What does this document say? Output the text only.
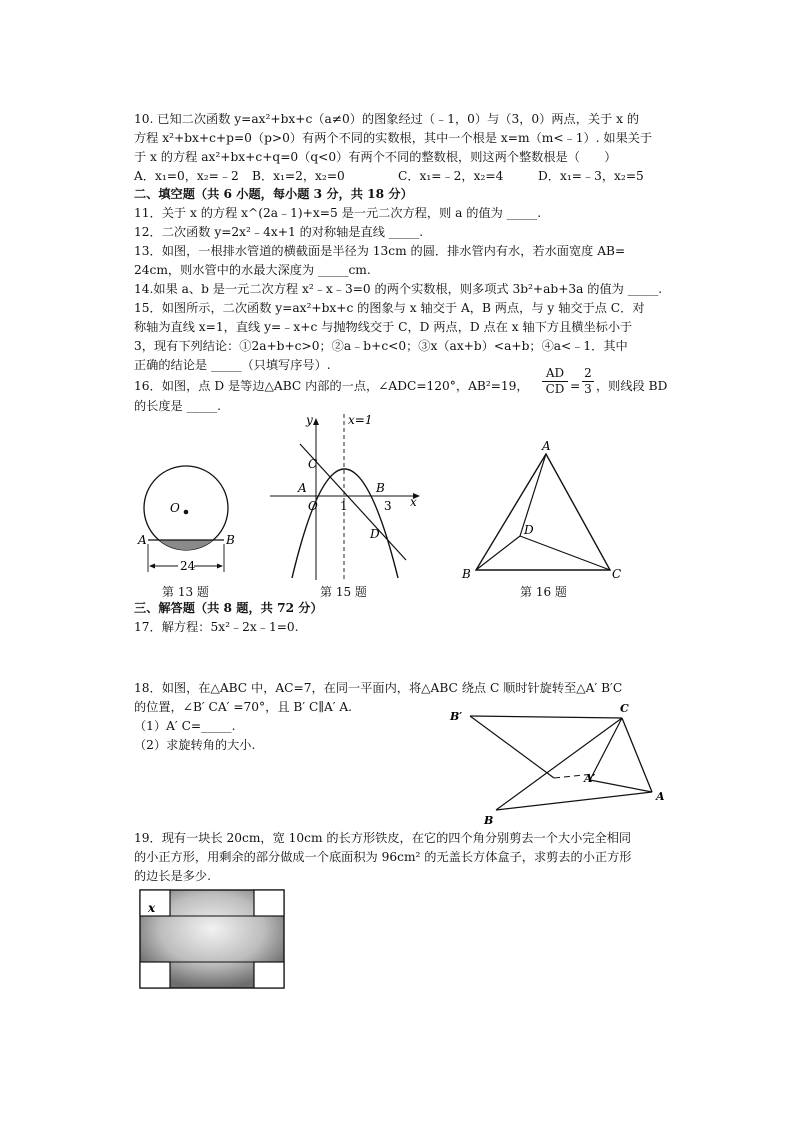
10. 已知二次函数 y=ax²+bx+c（a≠0）的图象经过（﹣1，0）与（3，0）两点，关于 x 的
方程 x²+bx+c+p=0（p>0）有两个不同的实数根，其中一个根是 x=m（m<﹣1）. 如果关于
于 x 的方程 ax²+bx+c+q=0（q<0）有两个不同的整数根，则这两个整数根是（　　）
A．x₁=0，x₂=﹣2 B．x₁=2，x₂=0	C．x₁=﹣2，x₂=4	D．x₁=﹣3，x₂=5
二、填空题（共 6 小题，每小题 3 分，共 18 分）
11．关于 x 的方程 x^(2a﹣1)+x=5 是一元二次方程，则 a 的值为 _____.
12．二次函数 y=2x²﹣4x+1 的对称轴是直线 _____.
13．如图，一根排水管道的横截面是半径为 13cm 的圆．排水管内有水，若水面宽度 AB=
24cm，则水管中的水最大深度为 _____cm.
14.如果 a、b 是一元二次方程 x²﹣x﹣3=0 的两个实数根，则多项式 3b²+ab+3a 的值为 _____.
15．如图所示，二次函数 y=ax²+bx+c 的图象与 x 轴交于 A，B 两点，与 y 轴交于点 C．对
称轴为直线 x=1，直线 y=﹣x+c 与抛物线交于 C，D 两点，D 点在 x 轴下方且横坐标小于
3，现有下列结论：①2a+b+c>0；②a﹣b+c<0；③x（ax+b）<a+b；④a<﹣1．其中
正确的结论是 _____（只填写序号）.
16．如图，点 D 是等边△ABC 内部的一点，∠ADC=120°，AB²=19， $\frac{AD}{CD} = \frac{2}{3}$ ，则线段 BD
的长度是 _____.
O
A	B
24
第 13 题
y
x
x=1
C
A
O 1
B
3
D
第 15 题
A
B	C
D
第 16 题
三、解答题（共 8 题，共 72 分）
17．解方程：5x²﹣2x﹣1=0.
18．如图，在△ABC 中，AC=7，在同一平面内，将△ABC 绕点 C 顺时针旋转至△A′ B′C
的位置，∠B′ CA′ =70°，且 B′ C∥A′ A.
（1）A′ C=_____.
（2）求旋转角的大小.
B′
C
A′
A
B
19．现有一块长 20cm，宽 10cm 的长方形铁皮，在它的四个角分别剪去一个大小完全相同
的小正方形，用剩余的部分做成一个底面积为 96cm² 的无盖长方体盒子，求剪去的小正方形
的边长是多少.
x
